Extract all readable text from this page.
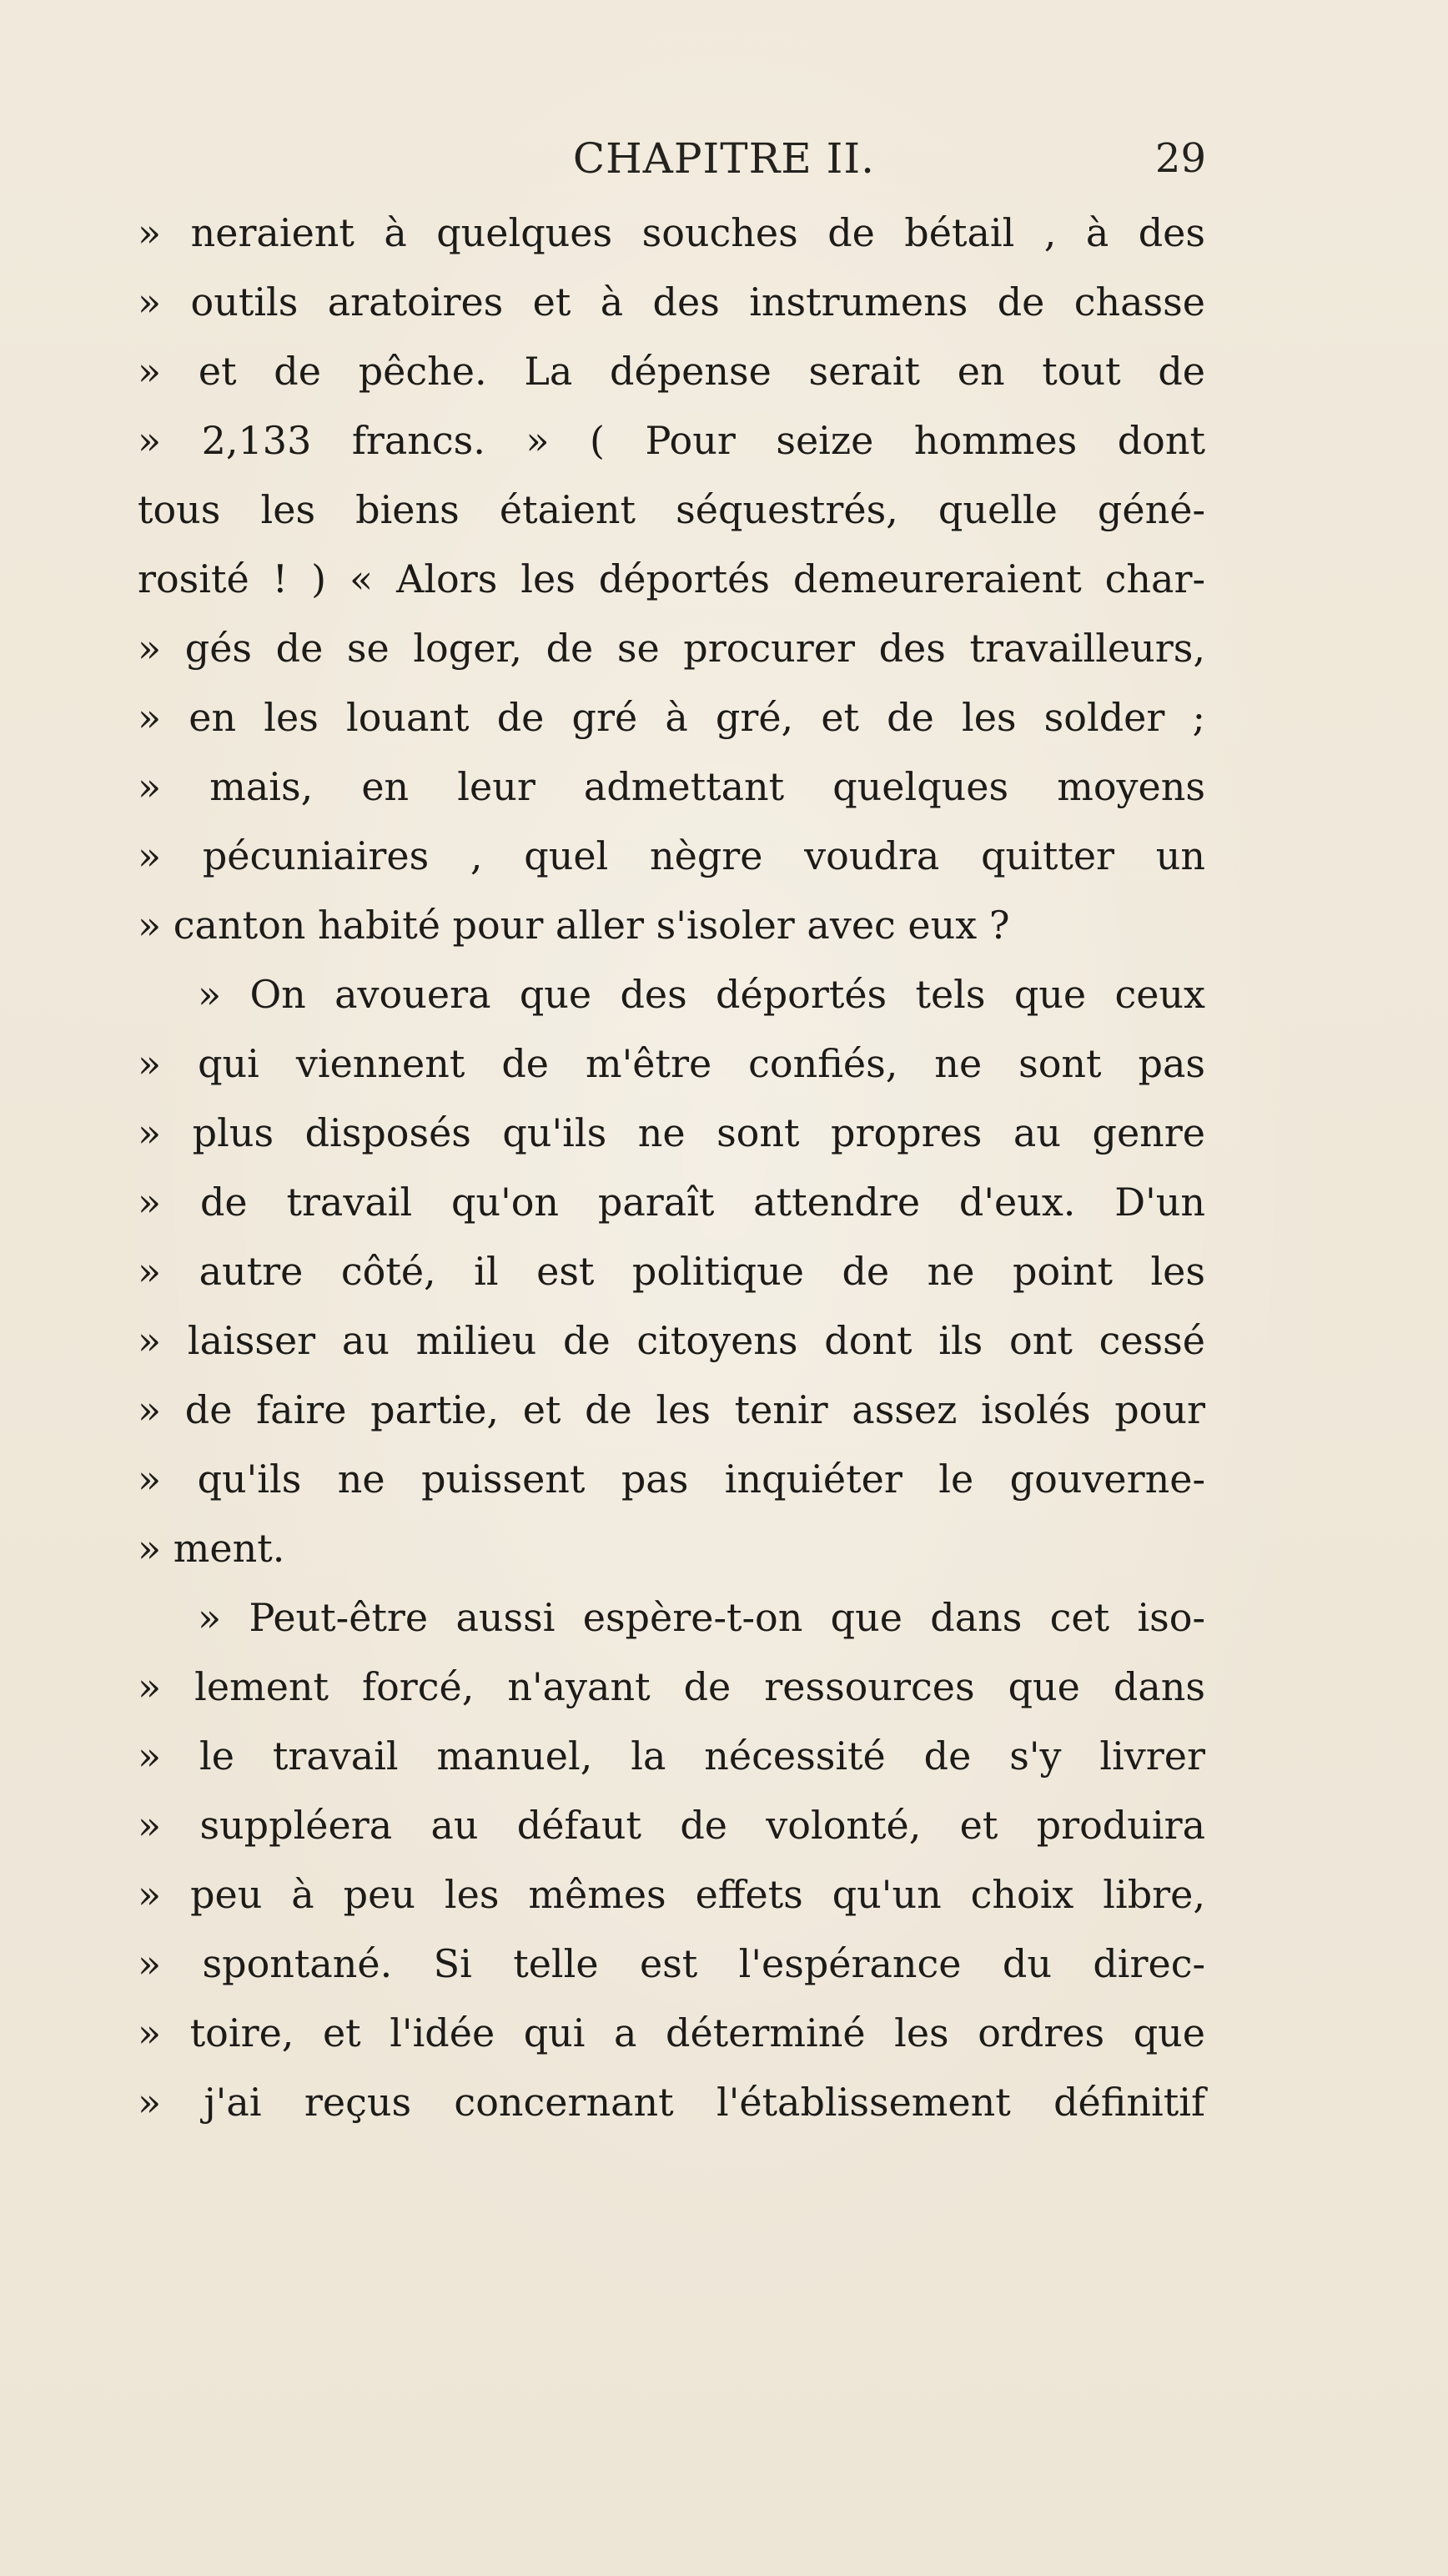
CHAPITRE II.	29
» neraient à quelques souches de bétail , à des
» outils aratoires et à des instrumens de chasse
» et de pêche. La dépense serait en tout de
» 2,133 francs. » ( Pour seize hommes dont
tous les biens étaient séquestrés, quelle géné-
rosité ! ) « Alors les déportés demeureraient char-
» gés de se loger, de se procurer des travailleurs,
» en les louant de gré à gré, et de les solder ;
» mais, en leur admettant quelques moyens
» pécuniaires , quel nègre voudra quitter un
» canton habité pour aller s'isoler avec eux ?
» On avouera que des déportés tels que ceux
» qui viennent de m'être confiés, ne sont pas
» plus disposés qu'ils ne sont propres au genre
» de travail qu'on paraît attendre d'eux. D'un
» autre côté, il est politique de ne point les
» laisser au milieu de citoyens dont ils ont cessé
» de faire partie, et de les tenir assez isolés pour
» qu'ils ne puissent pas inquiéter le gouverne-
» ment.
» Peut-être aussi espère-t-on que dans cet iso-
» lement forcé, n'ayant de ressources que dans
» le travail manuel, la nécessité de s'y livrer
» suppléera au défaut de volonté, et produira
» peu à peu les mêmes effets qu'un choix libre,
» spontané. Si telle est l'espérance du direc-
» toire, et l'idée qui a déterminé les ordres que
» j'ai reçus concernant l'établissement définitif
